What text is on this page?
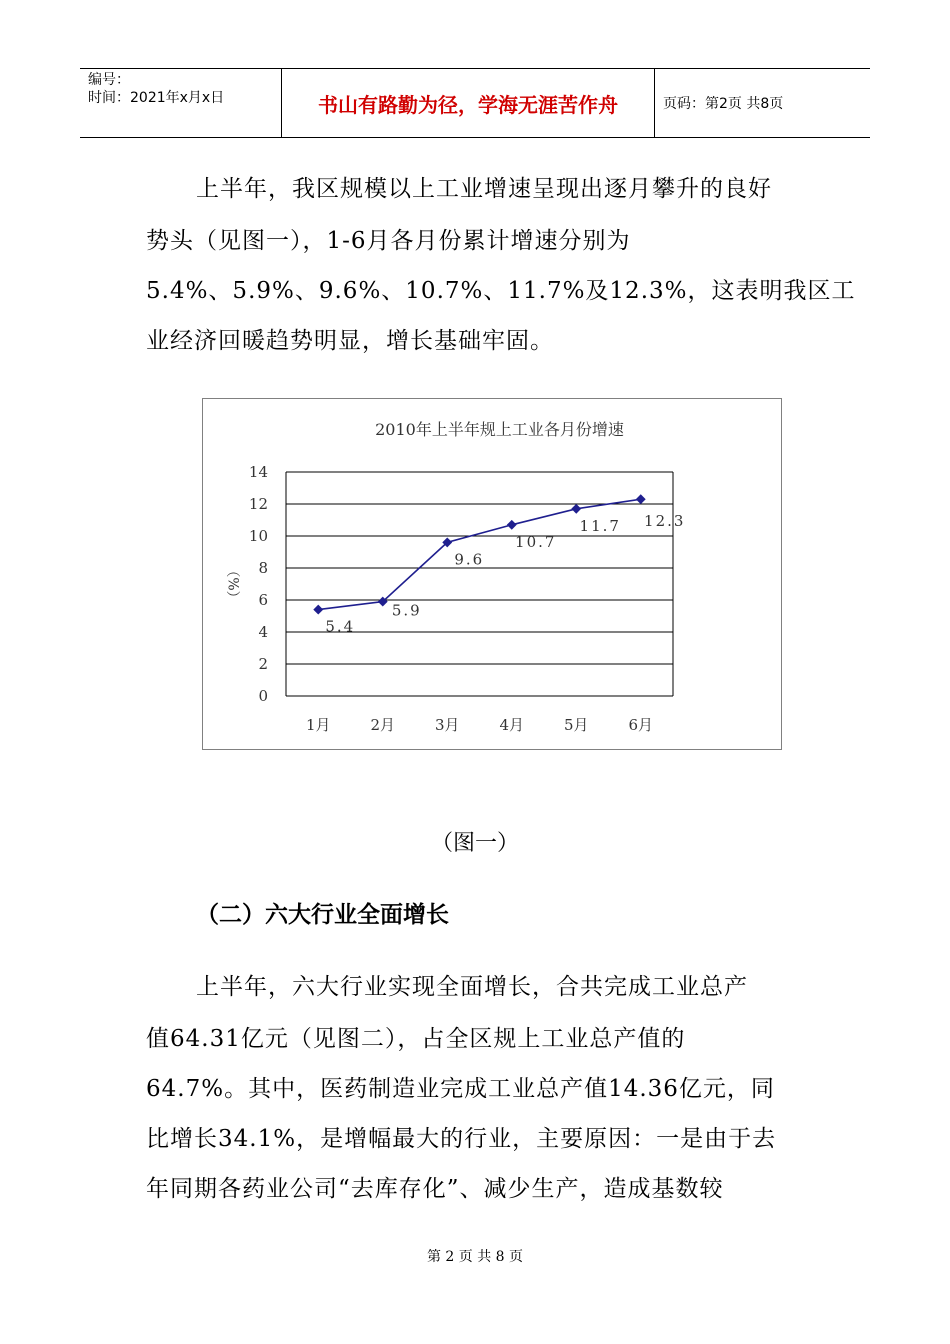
编号：
时间：2021年x月x日	书山有路勤为径，学海无涯苦作舟	页码：第2页 共8页
上半年，我区规模以上工业增速呈现出逐月攀升的良好
势头（见图一），1-6月各月份累计增速分别为
5.4%、5.9%、9.6%、10.7%、11.7%及12.3%，这表明我区工
业经济回暖趋势明显，增长基础牢固。
2010年上半年规上工业各月份增速
0
2
4
6
8
10
12
14
（%）
1月	2月	3月	4月	5月	6月
5.4
5.9
9.6
10.7
11.7 12.3
（图一）
（二）六大行业全面增长
上半年，六大行业实现全面增长，合共完成工业总产
值64.31亿元（见图二），占全区规上工业总产值的
64.7%。其中，医药制造业完成工业总产值14.36亿元，同
比增长34.1%，是增幅最大的行业，主要原因：一是由于去
年同期各药业公司“去库存化”、减少生产，造成基数较
第 2 页 共 8 页
